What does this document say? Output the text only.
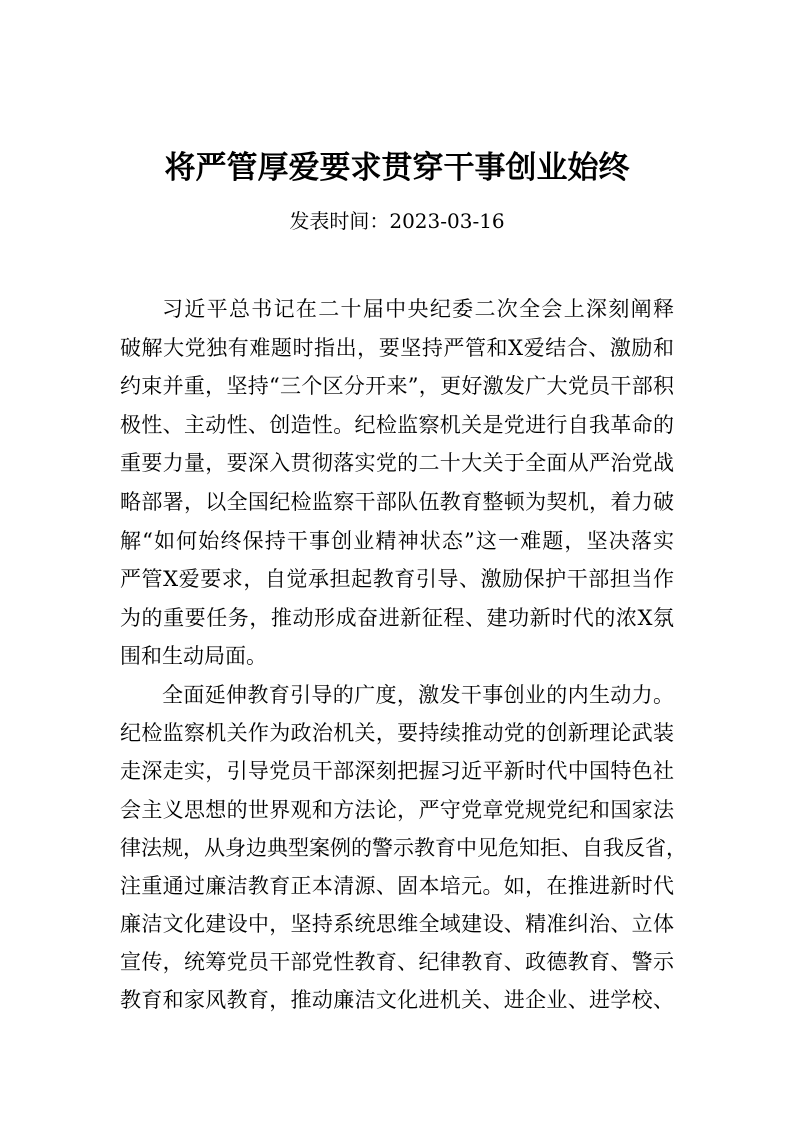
将严管厚爱要求贯穿干事创业始终
发表时间：2023-03-16
习近平总书记在二十届中央纪委二次全会上深刻阐释
破解大党独有难题时指出，要坚持严管和X爱结合、激励和
约束并重，坚持“三个区分开来”，更好激发广大党员干部积
极性、主动性、创造性。纪检监察机关是党进行自我革命的
重要力量，要深入贯彻落实党的二十大关于全面从严治党战
略部署，以全国纪检监察干部队伍教育整顿为契机，着力破
解“如何始终保持干事创业精神状态”这一难题，坚决落实
严管X爱要求，自觉承担起教育引导、激励保护干部担当作
为的重要任务，推动形成奋进新征程、建功新时代的浓X氛
围和生动局面。
全面延伸教育引导的广度，激发干事创业的内生动力。
纪检监察机关作为政治机关，要持续推动党的创新理论武装
走深走实，引导党员干部深刻把握习近平新时代中国特色社
会主义思想的世界观和方法论，严守党章党规党纪和国家法
律法规，从身边典型案例的警示教育中见危知拒、自我反省，
注重通过廉洁教育正本清源、固本培元。如，在推进新时代
廉洁文化建设中，坚持系统思维全域建设、精准纠治、立体
宣传，统筹党员干部党性教育、纪律教育、政德教育、警示
教育和家风教育，推动廉洁文化进机关、进企业、进学校、
